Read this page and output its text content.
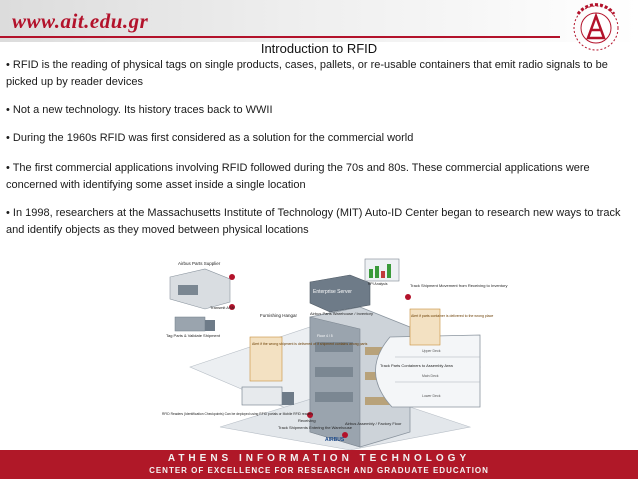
www.ait.edu.gr
Introduction to RFID
• RFID is the reading of physical tags on single products, cases, pallets, or re-usable containers that emit radio signals to be picked up by reader devices
• Not a new technology. Its history traces back to WWII
• During the 1960s RFID was first considered as a solution for the commercial world
• The first commercial applications involving RFID followed during the 70s and 80s. These commercial applications were concerned with identifying some asset inside a single location
• In 1998, researchers at the Massachusetts Institute of Technology (MIT) Auto-ID Center began to research new ways to track and identify objects as they moved between physical locations
Airbus Parts Supplier
Transmit ASN
Tag Parts & Validate Shipment
Enterprise Server
Airbus Parts Warehouse / Inventory
Furnishing Hangar
Track Shipment Movement from Receiving to Inventory
Alert if the wrong shipment is delivered or if shipment contains wrong parts
Alert if parts container is delivered to the wrong place
Track Parts Containers to Assembly Area
Airbus Assembly / Factory Floor
Receiving
Track Shipments Entering the Warehouse
RFID Readers (Identification Checkpoints) Can be deployed using RFID portals or Mobile RFID readers
AIRBUS
KPI Analysis
Floor 4 / 5
Upper Deck
Main Deck
Lower Deck
ATHENS INFORMATION TECHNOLOGY
CENTER OF EXCELLENCE FOR RESEARCH AND GRADUATE EDUCATION
